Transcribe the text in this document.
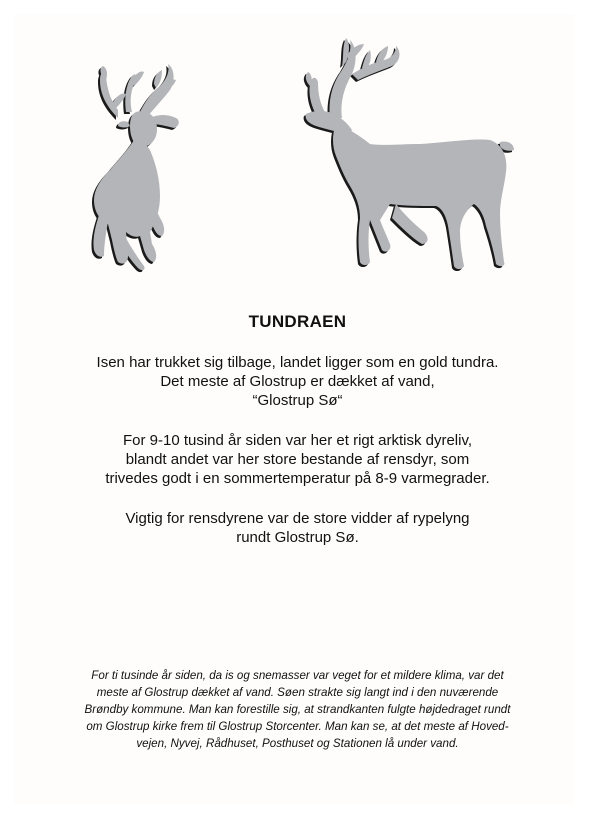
TUNDRAEN
Isen har trukket sig tilbage, landet ligger som en gold tundra.
Det meste af Glostrup er dækket af vand,
“Glostrup Sø“
For 9-10 tusind år siden var her et rigt arktisk dyreliv,
blandt andet var her store bestande af rensdyr, som
trivedes godt i en sommertemperatur på 8-9 varmegrader.
Vigtig for rensdyrene var de store vidder af rypelyng
rundt Glostrup Sø.
For ti tusinde år siden, da is og snemasser var veget for et mildere klima, var det
meste af Glostrup dækket af vand. Søen strakte sig langt ind i den nuværende
Brøndby kommune. Man kan forestille sig, at strandkanten fulgte højdedraget rundt
om Glostrup kirke frem til Glostrup Storcenter. Man kan se, at det meste af Hoved-
vejen, Nyvej, Rådhuset, Posthuset og Stationen lå under vand.
